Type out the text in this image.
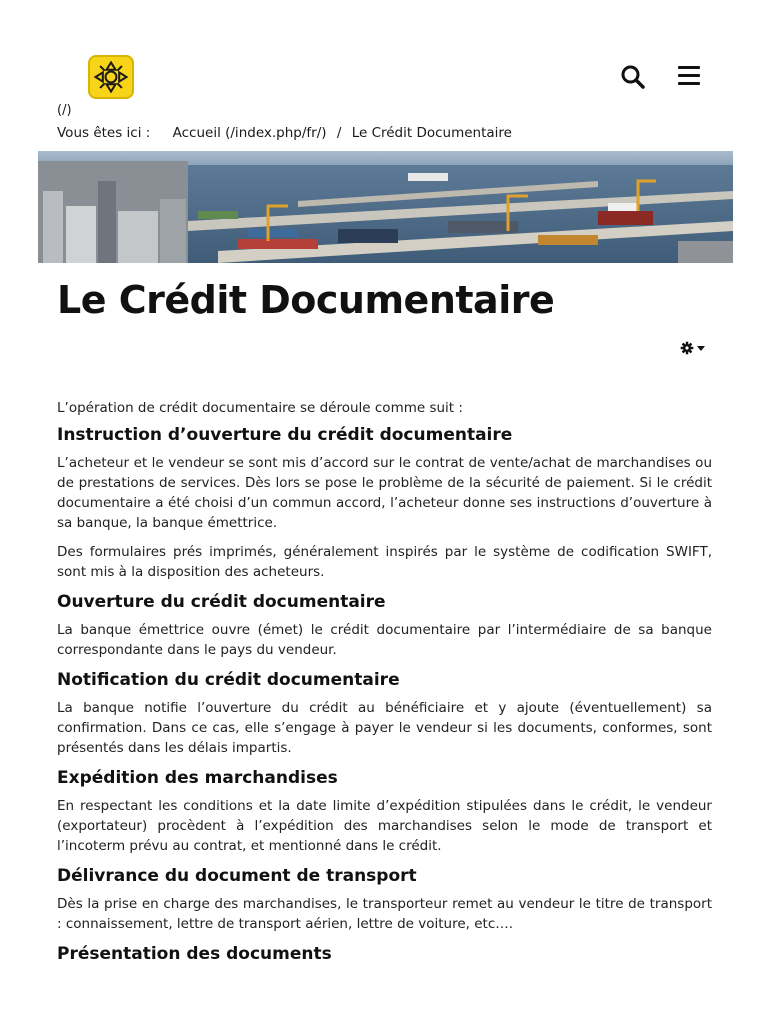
(/)
Vous êtes ici : Accueil (/index.php/fr/) / Le Crédit Documentaire
Le Crédit Documentaire

L’opération de crédit documentaire se déroule comme suit :

Instruction d’ouverture du crédit documentaire

L’acheteur et le vendeur se sont mis d’accord sur le contrat de vente/achat de marchandises ou de prestations de services. Dès lors se pose le problème de la sécurité de paiement. Si le crédit documentaire a été choisi d’un commun accord, l’acheteur donne ses instructions d’ouverture à sa banque, la banque émettrice.

Des formulaires prés imprimés, généralement inspirés par le système de codification SWIFT, sont mis à la disposition des acheteurs.

Ouverture du crédit documentaire

La banque émettrice ouvre (émet) le crédit documentaire par l’intermédiaire de sa banque correspondante dans le pays du vendeur.

Notification du crédit documentaire

La banque notifie l’ouverture du crédit au bénéficiaire et y ajoute (éventuellement) sa confirmation. Dans ce cas, elle s’engage à payer le vendeur si les documents, conformes, sont présentés dans les délais impartis.

Expédition des marchandises

En respectant les conditions et la date limite d’expédition stipulées dans le crédit, le vendeur (exportateur) procèdent à l’expédition des marchandises selon le mode de transport et l’incoterm prévu au contrat, et mentionné dans le crédit.

Délivrance du document de transport

Dès la prise en charge des marchandises, le transporteur remet au vendeur le titre de transport : connaissement, lettre de transport aérien, lettre de voiture, etc….

Présentation des documents
